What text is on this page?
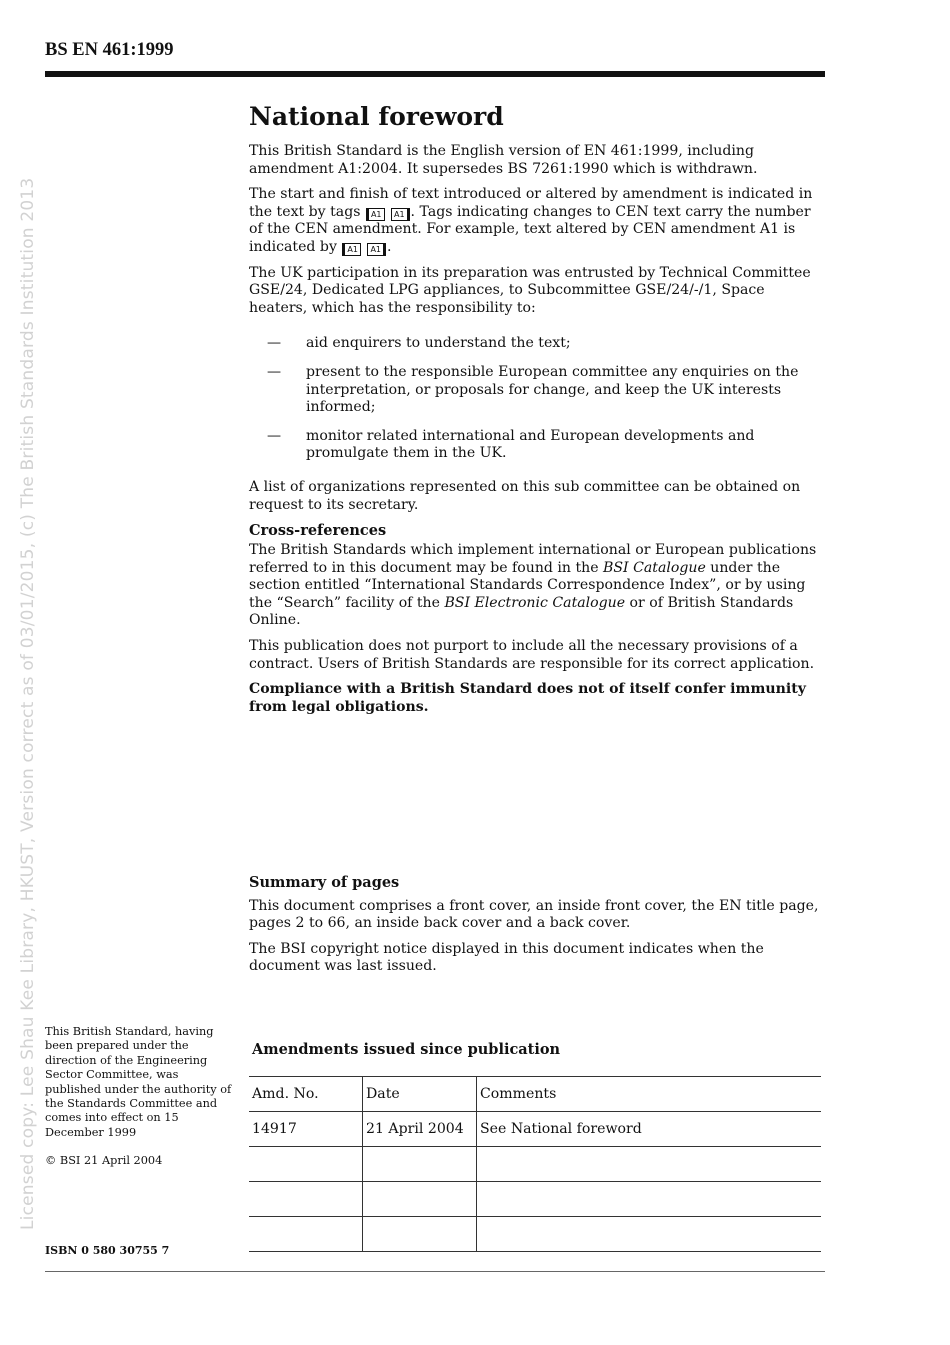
BS EN 461:1999
Licensed copy: Lee Shau Kee Library, HKUST, Version correct as of 03/01/2015, (c) The British Standards Institution 2013
National foreword

This British Standard is the English version of EN 461:1999, including amendment A1:2004. It supersedes BS 7261:1990 which is withdrawn.

The start and finish of text introduced or altered by amendment is indicated in the text by tags A1 A1 . Tags indicating changes to CEN text carry the number of the CEN amendment. For example, text altered by CEN amendment A1 is indicated by A1 A1 .

The UK participation in its preparation was entrusted by Technical Committee GSE/24, Dedicated LPG appliances, to Subcommittee GSE/24/-/1, Space heaters, which has the responsibility to:

— aid enquirers to understand the text;
— present to the responsible European committee any enquiries on the interpretation, or proposals for change, and keep the UK interests informed;
— monitor related international and European developments and promulgate them in the UK.

A list of organizations represented on this sub committee can be obtained on request to its secretary.

Cross-references

The British Standards which implement international or European publications referred to in this document may be found in the BSI Catalogue under the section entitled “International Standards Correspondence Index”, or by using the “Search” facility of the BSI Electronic Catalogue or of British Standards Online.

This publication does not purport to include all the necessary provisions of a contract. Users of British Standards are responsible for its correct application.

Compliance with a British Standard does not of itself confer immunity from legal obligations.

Summary of pages

This document comprises a front cover, an inside front cover, the EN title page, pages 2 to 66, an inside back cover and a back cover.

The BSI copyright notice displayed in this document indicates when the document was last issued.

This British Standard, having been prepared under the direction of the Engineering Sector Committee, was published under the authority of the Standards Committee and comes into effect on 15 December 1999
© BSI 21 April 2004
ISBN 0 580 30755 7
Amendments issued since publication
Amd. No.	Date	Comments
14917	21 April 2004	See National foreword
